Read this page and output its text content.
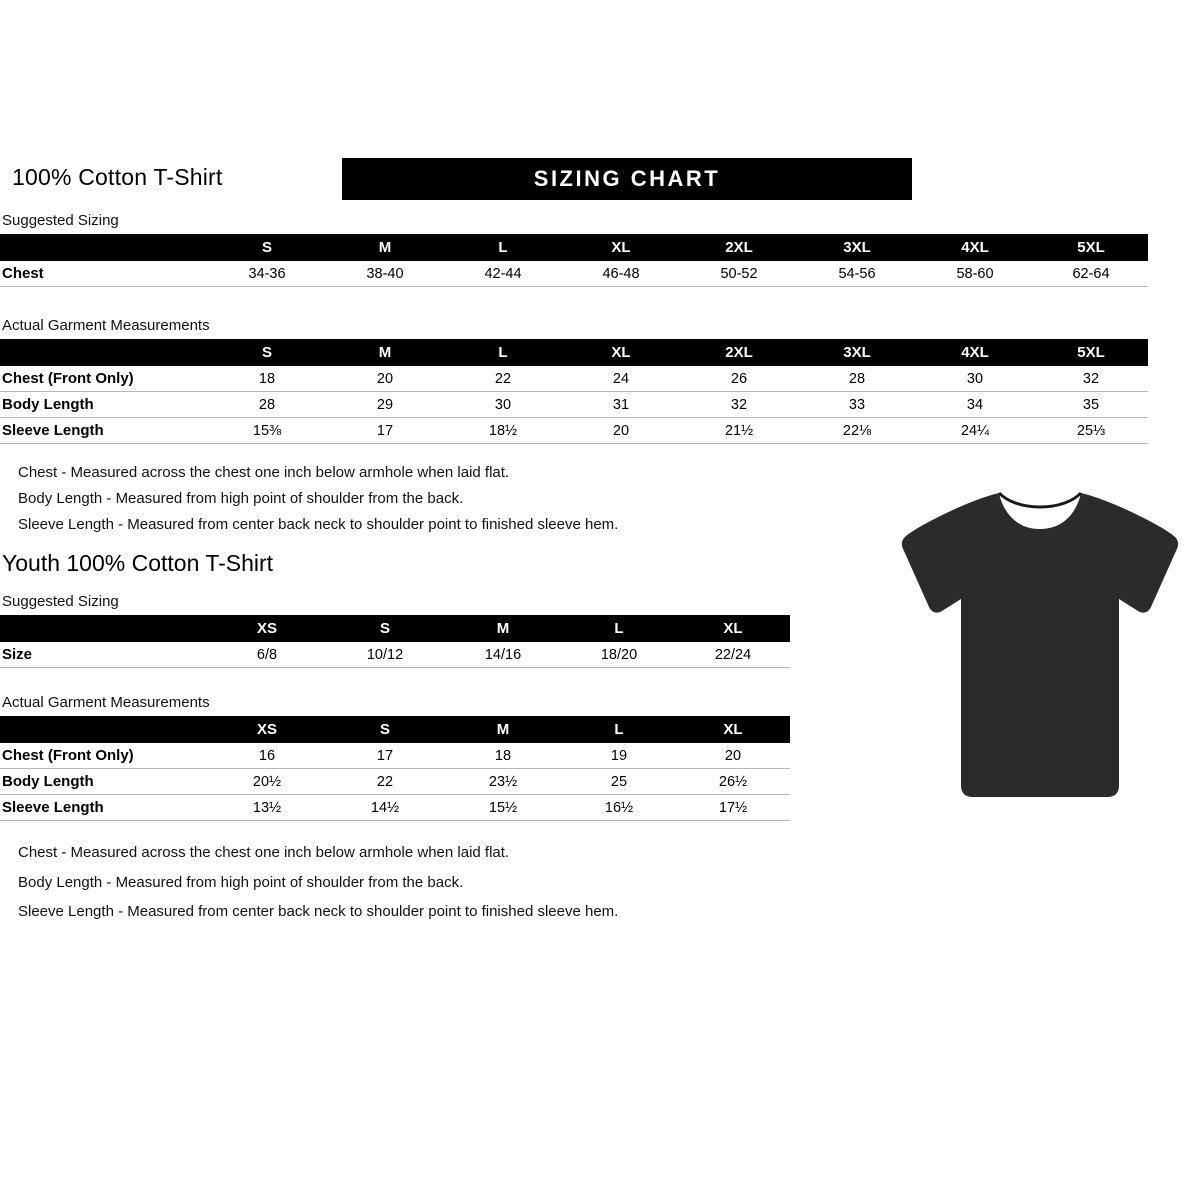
100% Cotton T-Shirt	SIZING CHART
Suggested Sizing
	S	M	L	XL	2XL	3XL	4XL	5XL
Chest	34-36	38-40	42-44	46-48	50-52	54-56	58-60	62-64
Actual Garment Measurements
	S	M	L	XL	2XL	3XL	4XL	5XL
Chest (Front Only)	18	20	22	24	26	28	30	32
Body Length	28	29	30	31	32	33	34	35
Sleeve Length	15⅜	17	18½	20	21½	22⅛	24¼	25⅓
Chest - Measured across the chest one inch below armhole when laid flat.
Body Length - Measured from high point of shoulder from the back.
Sleeve Length - Measured from center back neck to shoulder point to finished sleeve hem.
Youth 100% Cotton T-Shirt
Suggested Sizing
	XS	S	M	L	XL
Size	6/8	10/12	14/16	18/20	22/24
Actual Garment Measurements
	XS	S	M	L	XL
Chest (Front Only)	16	17	18	19	20
Body Length	20½	22	23½	25	26½
Sleeve Length	13½	14½	15½	16½	17½
Chest - Measured across the chest one inch below armhole when laid flat.
Body Length - Measured from high point of shoulder from the back.
Sleeve Length - Measured from center back neck to shoulder point to finished sleeve hem.
